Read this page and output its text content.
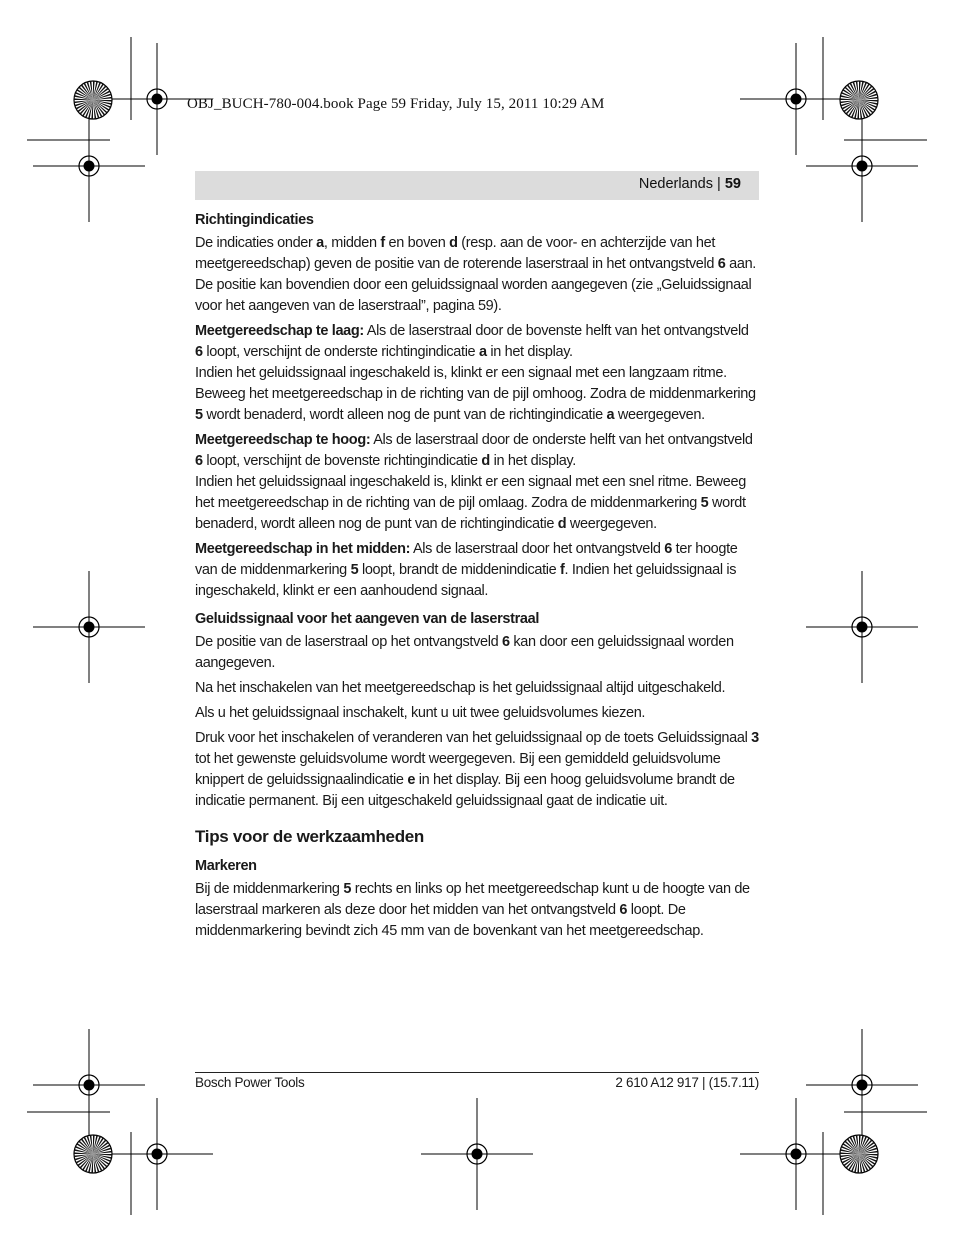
OBJ_BUCH-780-004.book Page 59 Friday, July 15, 2011 10:29 AM
Nederlands | 59
Richtingindicaties

De indicaties onder a, midden f en boven d (resp. aan de voor- en achterzijde van het meetgereedschap) geven de positie van de roterende laserstraal in het ontvangstveld 6 aan. De positie kan bovendien door een geluidssignaal worden aangegeven (zie „Geluidssignaal voor het aangeven van de laserstraal”, pagina 59).

Meetgereedschap te laag: Als de laserstraal door de bovenste helft van het ontvangstveld 6 loopt, verschijnt de onderste richtingindicatie a in het display.
Indien het geluidssignaal ingeschakeld is, klinkt er een signaal met een langzaam ritme. Beweeg het meetgereedschap in de richting van de pijl omhoog. Zodra de middenmarkering 5 wordt benaderd, wordt alleen nog de punt van de richtingindicatie a weergegeven.

Meetgereedschap te hoog: Als de laserstraal door de onderste helft van het ontvangstveld 6 loopt, verschijnt de bovenste richtingindicatie d in het display.
Indien het geluidssignaal ingeschakeld is, klinkt er een signaal met een snel ritme. Beweeg het meetgereedschap in de richting van de pijl omlaag. Zodra de middenmarkering 5 wordt benaderd, wordt alleen nog de punt van de richtingindicatie d weergegeven.

Meetgereedschap in het midden: Als de laserstraal door het ontvangstveld 6 ter hoogte van de middenmarkering 5 loopt, brandt de middenindicatie f. Indien het geluidssignaal is ingeschakeld, klinkt er een aanhoudend signaal.

Geluidssignaal voor het aangeven van de laserstraal

De positie van de laserstraal op het ontvangstveld 6 kan door een geluidssignaal worden aangegeven.

Na het inschakelen van het meetgereedschap is het geluidssignaal altijd uitgeschakeld.

Als u het geluidssignaal inschakelt, kunt u uit twee geluidsvolumes kiezen.

Druk voor het inschakelen of veranderen van het geluidssignaal op de toets Geluidssignaal 3 tot het gewenste geluidsvolume wordt weergegeven. Bij een gemiddeld geluidsvolume knippert de geluidssignaalindicatie e in het display. Bij een hoog geluidsvolume brandt de indicatie permanent. Bij een uitgeschakeld geluidssignaal gaat de indicatie uit.

Tips voor de werkzaamheden
Markeren

Bij de middenmarkering 5 rechts en links op het meetgereedschap kunt u de hoogte van de laserstraal markeren als deze door het midden van het ontvangstveld 6 loopt. De middenmarkering bevindt zich 45 mm van de bovenkant van het meetgereedschap.

Bosch Power Tools	2 610 A12 917 | (15.7.11)
